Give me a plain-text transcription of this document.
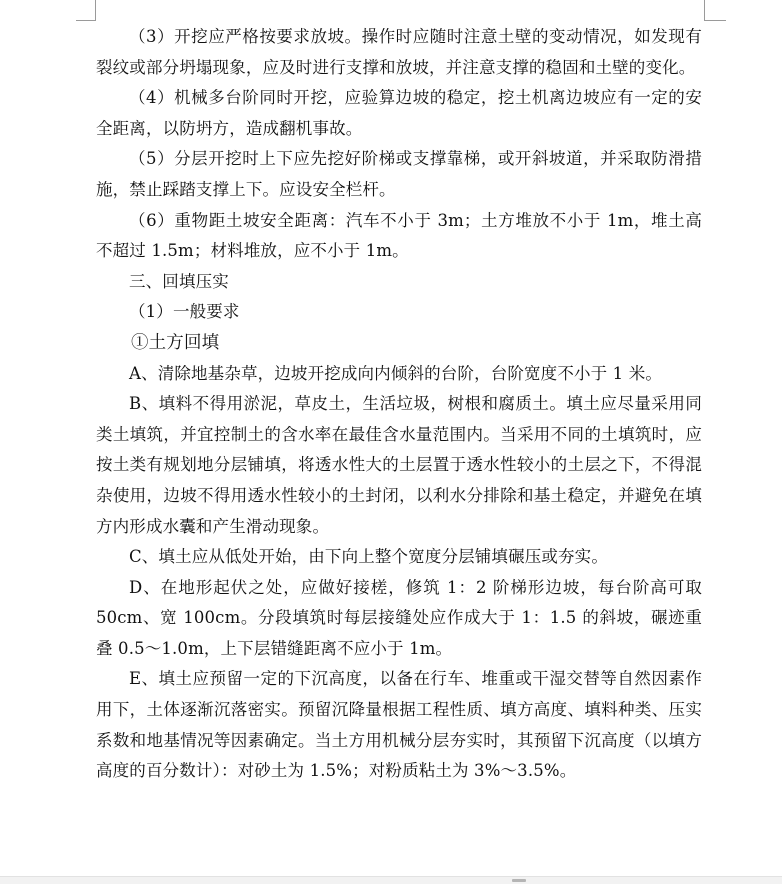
（3）开挖应严格按要求放坡。操作时应随时注意土壁的变动情况，如发现有裂纹或部分坍塌现象，应及时进行支撑和放坡，并注意支撑的稳固和土壁的变化。

（4）机械多台阶同时开挖，应验算边坡的稳定，挖土机离边坡应有一定的安全距离，以防坍方，造成翻机事故。

（5）分层开挖时上下应先挖好阶梯或支撑靠梯，或开斜坡道，并采取防滑措施，禁止踩踏支撑上下。应设安全栏杆。

（6）重物距土坡安全距离：汽车不小于 3m；土方堆放不小于 1m，堆土高不超过 1.5m；材料堆放，应不小于 1m。

三、回填压实

（1）一般要求

①土方回填

A、清除地基杂草，边坡开挖成向内倾斜的台阶，台阶宽度不小于 1 米。

B、填料不得用淤泥，草皮土，生活垃圾，树根和腐质土。填土应尽量采用同类土填筑，并宜控制土的含水率在最佳含水量范围内。当采用不同的土填筑时，应按土类有规划地分层铺填，将透水性大的土层置于透水性较小的土层之下，不得混杂使用，边坡不得用透水性较小的土封闭，以利水分排除和基土稳定，并避免在填方内形成水囊和产生滑动现象。

C、填土应从低处开始，由下向上整个宽度分层铺填碾压或夯实。

D、在地形起伏之处，应做好接槎，修筑 1：2 阶梯形边坡，每台阶高可取 50cm、宽 100cm。分段填筑时每层接缝处应作成大于 1：1.5 的斜坡，碾迹重叠 0.5～1.0m，上下层错缝距离不应小于 1m。

E、填土应预留一定的下沉高度，以备在行车、堆重或干湿交替等自然因素作用下，土体逐渐沉落密实。预留沉降量根据工程性质、填方高度、填料种类、压实系数和地基情况等因素确定。当土方用机械分层夯实时，其预留下沉高度（以填方高度的百分数计）：对砂土为 1.5%；对粉质粘土为 3%～3.5%。
